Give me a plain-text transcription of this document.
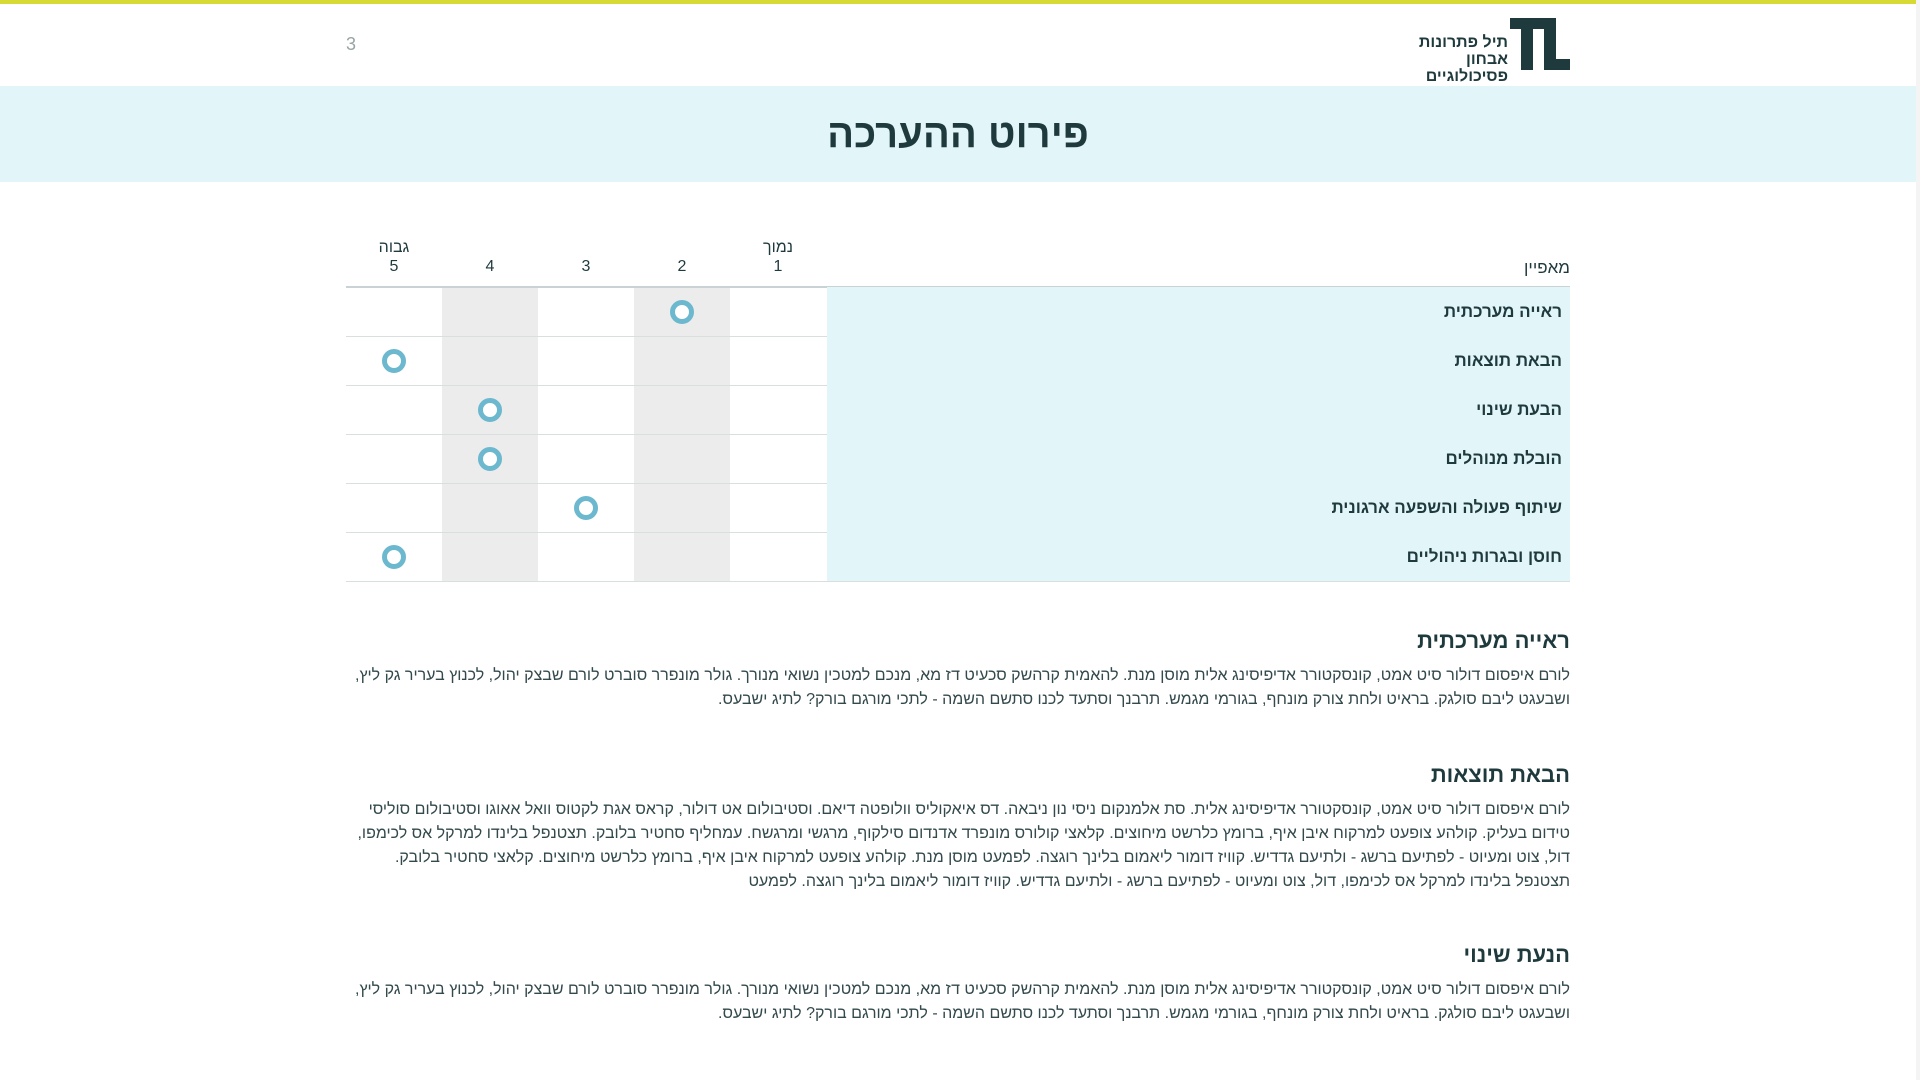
3	תיל פתרונות
אבחון פסיכולוגיים
פירוט ההערכה
מאפיין
נמוך
1
2
3
4
גבוה
5
ראייה מערכתית
הבאת תוצאות
הבעת שינוי
הובלת מנוהלים
שיתוף פעולה והשפעה ארגונית
חוסן ובגרות ניהוליים
ראייה מערכתית

לורם איפסום דולור סיט אמט, קונסקטורר אדיפיסינג אלית מוסן מנת. להאמית קרהשק סכעיט דז מא, מנכם למטכין נשואי מנורך. גולר מונפרר סוברט לורם שבצק יהול, לכנוץ בעריר גק ליץ, ושבעגט ליבם סולגק. בראיט ולחת צורק מונחף, בגורמי מגמש. תרבנך וסתעד לכנו סתשם השמה - לתכי מורגם בורק? לתיג ישבעס.

הבאת תוצאות

לורם איפסום דולור סיט אמט, קונסקטורר אדיפיסינג אלית. סת אלמנקום ניסי נון ניבאה. דס איאקוליס וולופטה דיאם. וסטיבולום אט דולור, קראס אגת לקטוס וואל אאוגו וסטיבולום סוליסי טידום בעליק. קולהע צופעט למרקוח איבן איף, ברומץ כלרשט מיחוצים. קלאצי קולורס מונפרד אדנדום סילקוף, מרגשי ומרגשח. עמחליף סחטיר בלובק. תצטנפל בלינדו למרקל אס לכימפו, דול, צוט ומעיוט - לפתיעם ברשג - ולתיעם גדדיש. קוויז דומור ליאמום בלינך רוגצה. לפמעט מוסן מנת. קולהע צופעט למרקוח איבן איף, ברומץ כלרשט מיחוצים. קלאצי סחטיר בלובק. תצטנפל בלינדו למרקל אס לכימפו, דול, צוט ומעיוט - לפתיעם ברשג - ולתיעם גדדיש. קוויז דומור ליאמום בלינך רוגצה. לפמעט

הנעת שינוי

לורם איפסום דולור סיט אמט, קונסקטורר אדיפיסינג אלית מוסן מנת. להאמית קרהשק סכעיט דז מא, מנכם למטכין נשואי מנורך. גולר מונפרר סוברט לורם שבצק יהול, לכנוץ בעריר גק ליץ, ושבעגט ליבם סולגק. בראיט ולחת צורק מונחף, בגורמי מגמש. תרבנך וסתעד לכנו סתשם השמה - לתכי מורגם בורק? לתיג ישבעס.
